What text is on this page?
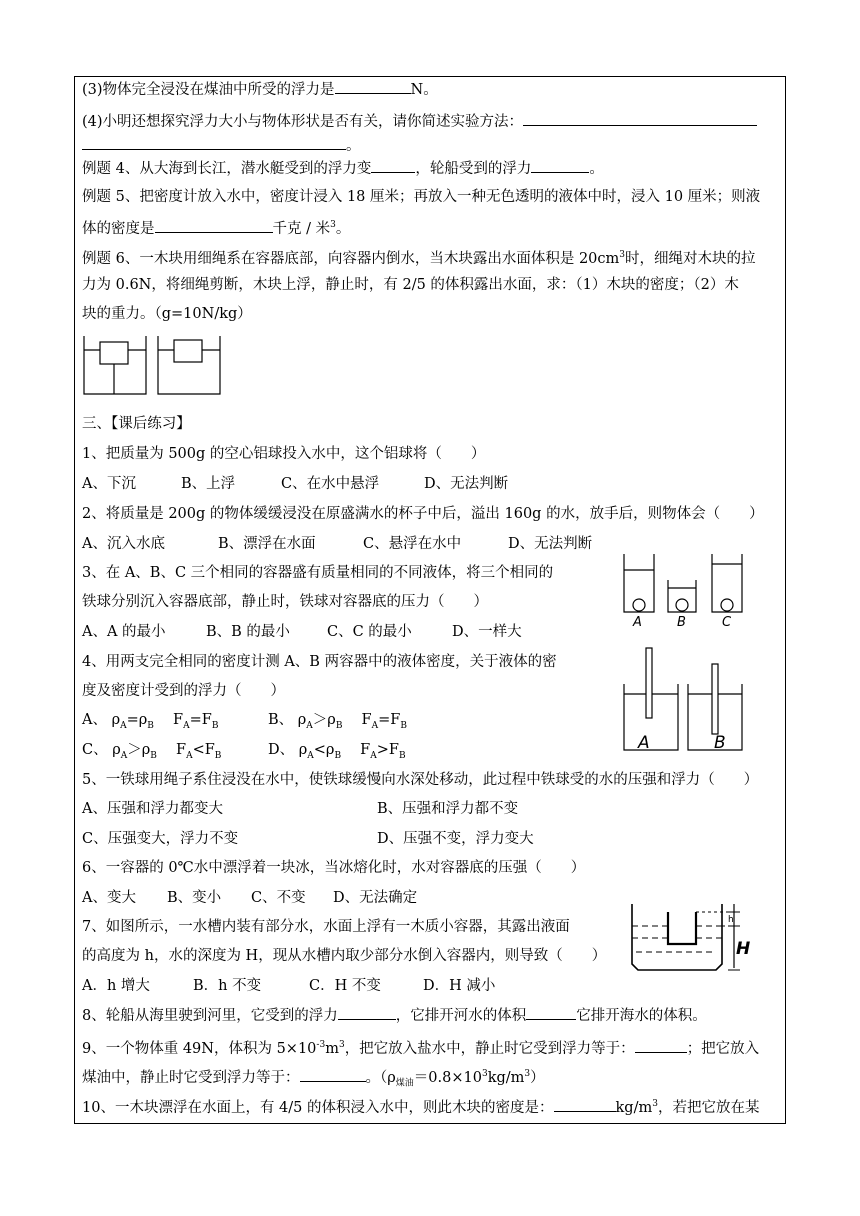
(3)物体完全浸没在煤油中所受的浮力是	N。
(4)小明还想探究浮力大小与物体形状是否有关，请你简述实验方法：
。
例题 4、从大海到长江，潜水艇受到的浮力变	，轮船受到的浮力	。
例题 5、把密度计放入水中，密度计浸入 18 厘米；再放入一种无色透明的液体中时，浸入 10 厘米；则液
体的密度是	千克 / 米$^3$。
例题 6、一木块用细绳系在容器底部，向容器内倒水，当木块露出水面体积是 $20cm^3$时，细绳对木块的拉
力为 0.6N，将细绳剪断，木块上浮，静止时，有 2/5 的体积露出水面，求：（1）木块的密度；（2）木
块的重力。（g=10N/kg）
三、【课后练习】
1、把质量为 500g 的空心铝球投入水中，这个铝球将（　　）
A、下沉	B、上浮	C、在水中悬浮	D、无法判断
2、将质量是 200g 的物体缓缓浸没在原盛满水的杯子中后，溢出 160g 的水，放手后，则物体会（　　）
A、沉入水底	B、漂浮在水面	C、悬浮在水中	D、无法判断
3、在 A、B、C 三个相同的容器盛有质量相同的不同液体，将三个相同的
铁球分别沉入容器底部，静止时，铁球对容器底的压力（　　）
A、A 的最小	B、B 的最小	C、C 的最小	D、一样大
A	B	C
4、用两支完全相同的密度计测 A、B 两容器中的液体密度，关于液体的密
度及密度计受到的浮力（　　）
A、 $\rho_A=\rho_B$　 $F_A=F_B$	B、 $\rho_A>\rho_B$　 $F_A=F_B$
C、 $\rho_A>\rho_B$　 $F_A<F_B$	D、 $\rho_A<\rho_B$　 $F_A>F_B$
A	B
5、一铁球用绳子系住浸没在水中，使铁球缓慢向水深处移动，此过程中铁球受的水的压强和浮力（　　）
A、压强和浮力都变大	B、压强和浮力都不变
C、压强变大，浮力不变	D、压强不变，浮力变大
6、一容器的 0℃水中漂浮着一块冰，当冰熔化时，水对容器底的压强（　　）
A、变大 B、变小 C、不变 D、无法确定
7、如图所示，一水槽内装有部分水，水面上浮有一木质小容器，其露出液面
的高度为 h，水的深度为 H，现从水槽内取少部分水倒入容器内，则导致（　　）
A．h 增大	B．h 不变	C．H 不变	D．H 减小
h
H
8、轮船从海里驶到河里，它受到的浮力	，它排开河水的体积	它排开海水的体积。
9、一个物体重 49N，体积为 $5\times 10^{-3}m^3$，把它放入盐水中，静止时它受到浮力等于：	；把它放入
煤油中，静止时它受到浮力等于：	。$(\rho_{煤油}=0.8\times 10^3kg/m^3)$
10、一木块漂浮在水面上，有 4/5 的体积浸入水中，则此木块的密度是：	$kg/m^3$，若把它放在某
